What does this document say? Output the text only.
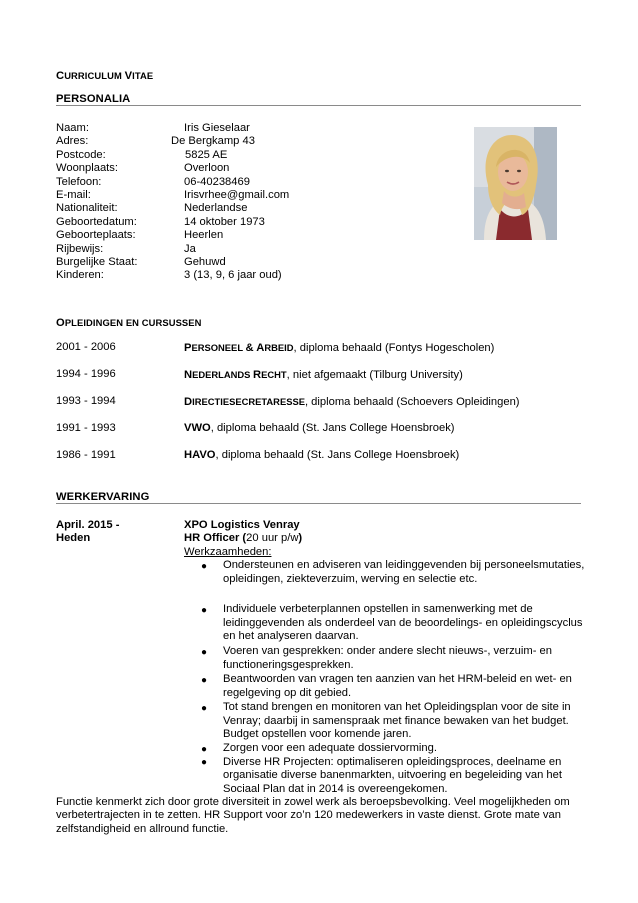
CURRICULUM VITAE
PERSONALIA
Naam:	Iris Gieselaar
Adres:	De Bergkamp 43
Postcode:	5825 AE
Woonplaats:	Overloon
Telefoon:	06-40238469
E-mail:	Irisvrhee@gmail.com
Nationaliteit:	Nederlandse
Geboortedatum:	14 oktober 1973
Geboorteplaats:	Heerlen
Rijbewijs:	Ja
Burgelijke Staat:	Gehuwd
Kinderen:	3 (13, 9, 6 jaar oud)
OPLEIDINGEN EN CURSUSSEN
2001 - 2006	PERSONEEL & ARBEID, diploma behaald (Fontys Hogescholen)
1994 - 1996	NEDERLANDS RECHT, niet afgemaakt (Tilburg University)
1993 - 1994	DIRECTIESECRETARESSE, diploma behaald (Schoevers Opleidingen)
1991 - 1993	VWO, diploma behaald (St. Jans College Hoensbroek)
1986 - 1991	HAVO, diploma behaald (St. Jans College Hoensbroek)
WERKERVARING
April. 2015 -
Heden
XPO Logistics Venray
HR Officer (20 uur p/w)
Werkzaamheden:
●	Ondersteunen en adviseren van leidinggevenden bij personeelsmutaties, opleidingen, ziekteverzuim, werving en selectie etc.
●	Individuele verbeterplannen opstellen in samenwerking met de leidinggevenden als onderdeel van de beoordelings- en opleidingscyclus en het analyseren daarvan.
●	Voeren van gesprekken: onder andere slecht nieuws-, verzuim- en functioneringsgesprekken.
●	Beantwoorden van vragen ten aanzien van het HRM-beleid en wet- en regelgeving op dit gebied.
●	Tot stand brengen en monitoren van het Opleidingsplan voor de site in Venray; daarbij in samenspraak met finance bewaken van het budget. Budget opstellen voor komende jaren.
●	Zorgen voor een adequate dossiervorming.
●	Diverse HR Projecten: optimaliseren opleidingsproces, deelname en organisatie diverse banenmarkten, uitvoering en begeleiding van het Sociaal Plan dat in 2014 is overeengekomen.
Functie kenmerkt zich door grote diversiteit in zowel werk als beroepsbevolking. Veel mogelijkheden om verbetertrajecten in te zetten. HR Support voor zo’n 120 medewerkers in vaste dienst. Grote mate van zelfstandigheid en allround functie.
